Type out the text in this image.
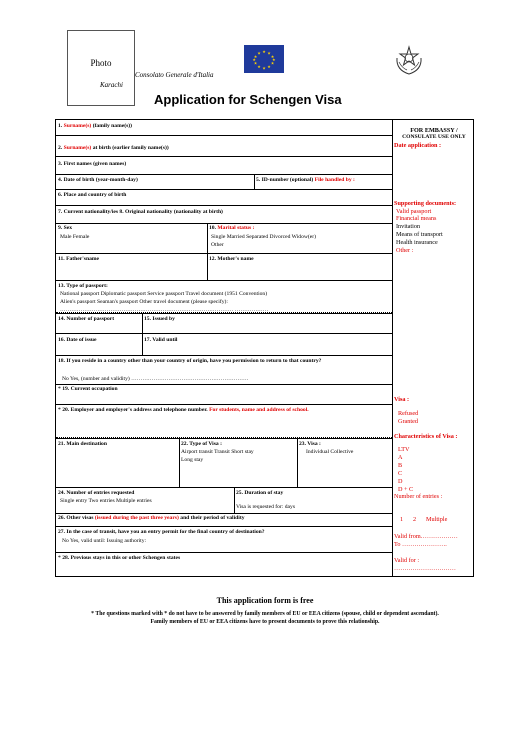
Photo
Karachi
Consolato Generale d'Italia
★ ★
★
★
★
★
★
★
★
★
★
★
Application for Schengen Visa
1. Surname(s) (family name(s))
2. Surname(s) at birth (earlier family name(s))
3. First names (given names)
4. Date of birth (year-month-day)	5. ID-number (optional) File handled by :
6. Place and country of birth
7. Current nationality/ies 8. Original nationality (nationality at birth)
9. Sex
Male Female
10. Marital status :
Single Married Separated Divorced Widow(er)
Other
11. Father'sname	12. Mother's name
13. Type of passport:
National passport Diplomatic passport Service passport Travel document (1951 Convention)
Alien's passport Seaman's passport Other travel document (please specify):
………………………………………………………………………………… ………………
14. Number of passport	15. Issued by
16. Date of issue	17. Valid until
18. If you reside in a country other than your country of origin, have you permission to return to that country?
No Yes, (number and validity) ………………………………………………………
* 19. Current occupation
* 20. Employer and employer's address and telephone number. For students, name and address of school.
21. Main destination	22. Type of Visa :
Airport transit Transit Short stay
Long stay
23. Visa :
Individual Collective
24. Number of entries requested
Single entry Two entries Multiple entries
25. Duration of stay
Visa is requested for: days
26. Other visas (issued during the past three years) and their period of validity
27. In the case of transit, have you an entry permit for the final country of destination?
No Yes, valid until: Issuing authority:
* 28. Previous stays in this or other Schengen states
FOR EMBASSY /
CONSULATE USE ONLY
Date application :
Supporting documents:
Valid passport
Financial means
Invitation
Means of transport
Health insurance
Other :
Visa :
Refused
Granted
Characteristics of Visa :
LTV
A
B
C
D
D + C
Number of entries :
1 2 Multiple
Valid from………………
To ………………….
Valid for :
…………………………
This application form is free
* The questions marked with * do not have to be answered by family members of EU or EEA citizens (spouse, child or dependent ascendant).
Family members of EU or EEA citizens have to present documents to prove this relationship.
